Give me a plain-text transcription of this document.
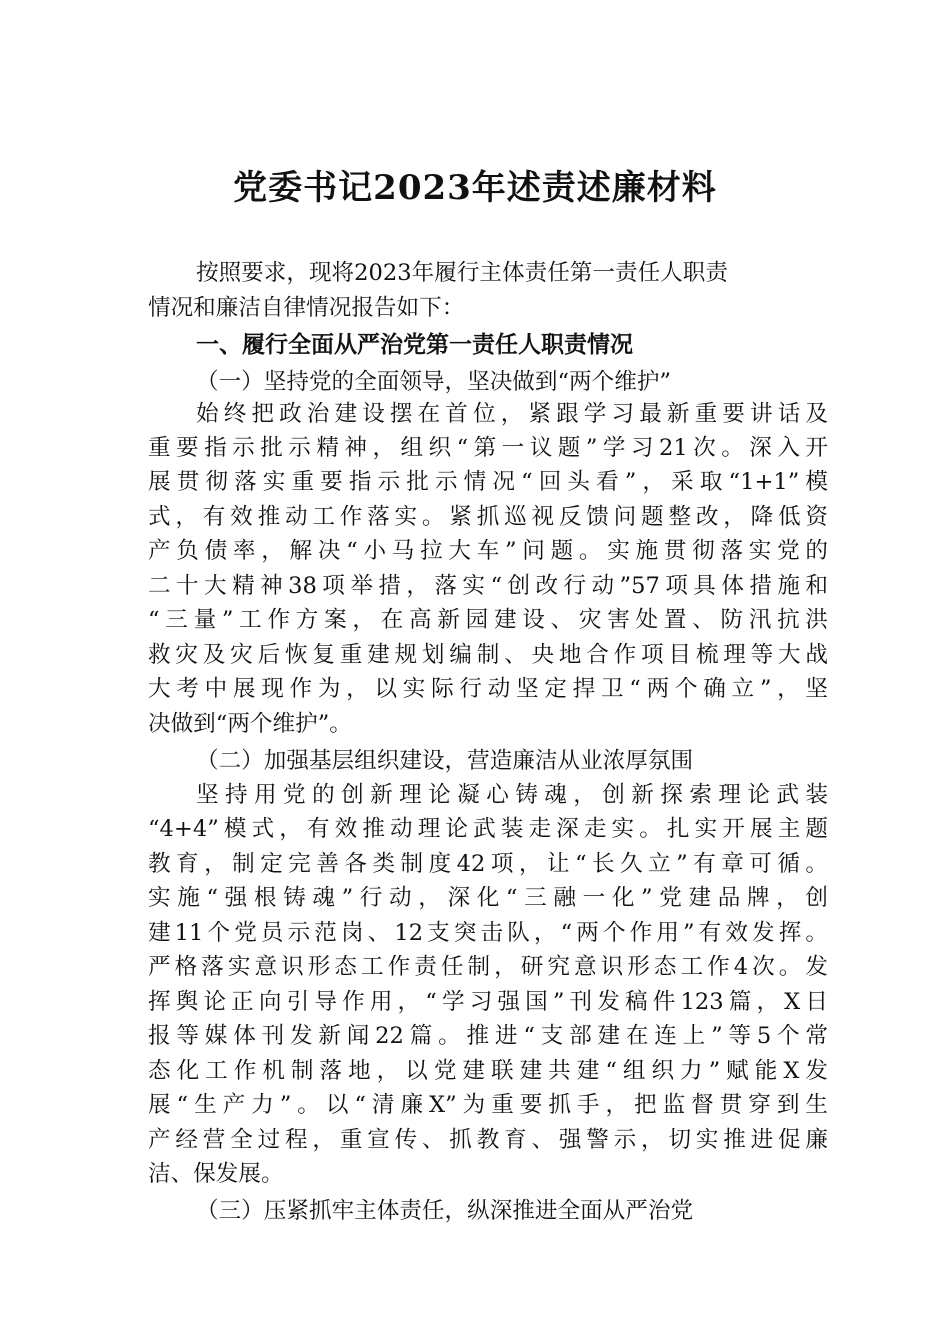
党委书记2023年述责述廉材料
按照要求，现将2023年履行主体责任第一责任人职责
情况和廉洁自律情况报告如下：
一、履行全面从严治党第一责任人职责情况
（一）坚持党的全面领导，坚决做到“两个维护”
始终把政治建设摆在首位，紧跟学习最新重要讲话及
重要指示批示精神，组织“第一议题”学习21次。深入开
展贯彻落实重要指示批示情况“回头看”，采取“1+1”模
式，有效推动工作落实。紧抓巡视反馈问题整改，降低资
产负债率，解决“小马拉大车”问题。实施贯彻落实党的
二十大精神38项举措，落实“创改行动”57项具体措施和
“三量”工作方案，在高新园建设、灾害处置、防汛抗洪
救灾及灾后恢复重建规划编制、央地合作项目梳理等大战
大考中展现作为，以实际行动坚定捍卫“两个确立”，坚
决做到“两个维护”。
（二）加强基层组织建设，营造廉洁从业浓厚氛围
坚持用党的创新理论凝心铸魂，创新探索理论武装
“4+4”模式，有效推动理论武装走深走实。扎实开展主题
教育，制定完善各类制度42项，让“长久立”有章可循。
实施“强根铸魂”行动，深化“三融一化”党建品牌，创
建11个党员示范岗、12支突击队，“两个作用”有效发挥。
严格落实意识形态工作责任制，研究意识形态工作4次。发
挥舆论正向引导作用，“学习强国”刊发稿件123篇，X日
报等媒体刊发新闻22篇。推进“支部建在连上”等5个常
态化工作机制落地，以党建联建共建“组织力”赋能X发
展“生产力”。以“清廉X”为重要抓手，把监督贯穿到生
产经营全过程，重宣传、抓教育、强警示，切实推进促廉
洁、保发展。
（三）压紧抓牢主体责任，纵深推进全面从严治党
